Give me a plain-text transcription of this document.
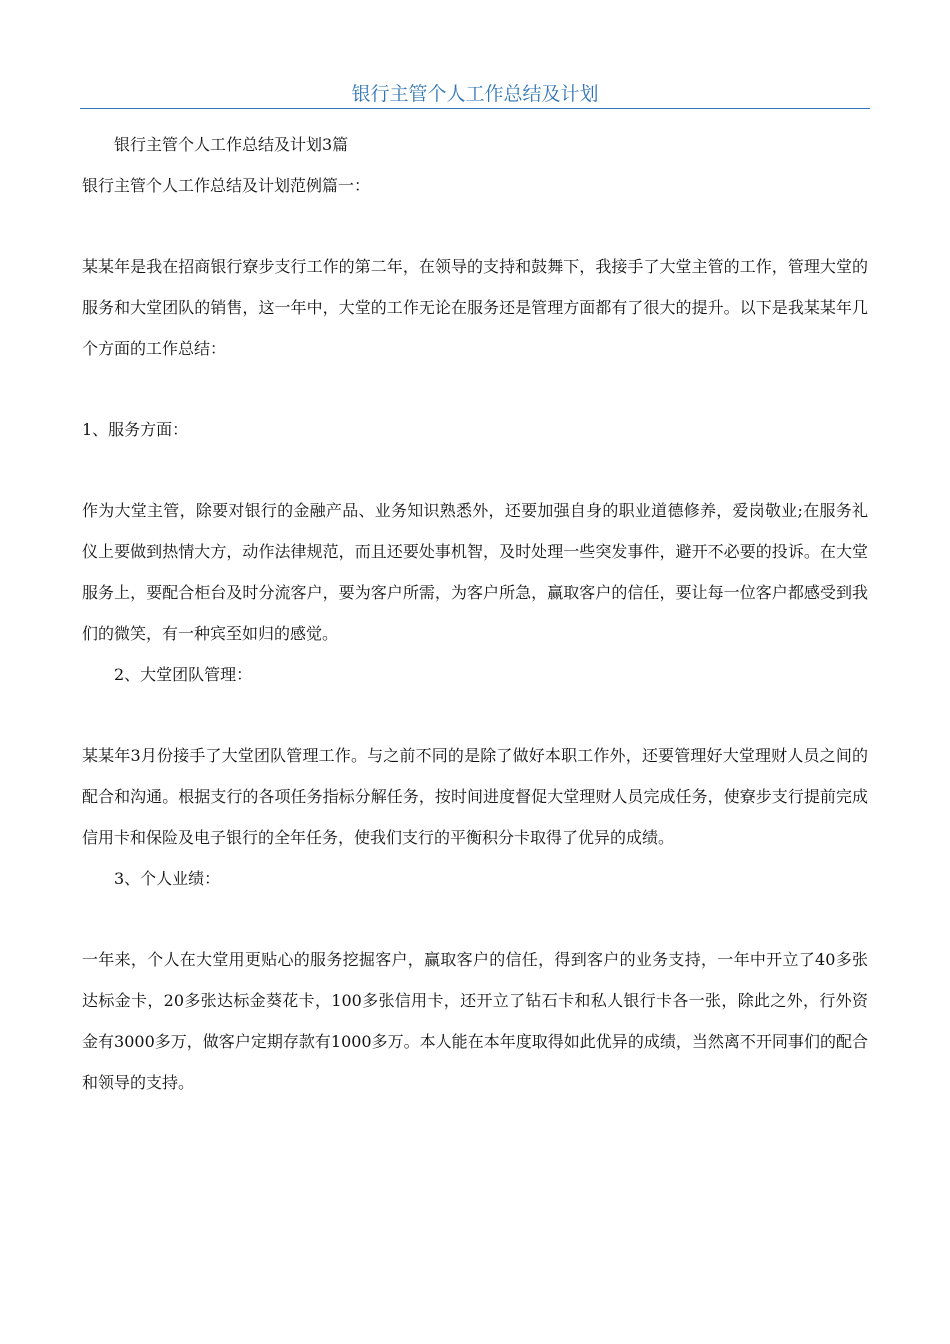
银行主管个人工作总结及计划

银行主管个人工作总结及计划3篇

银行主管个人工作总结及计划范例篇一：

某某年是我在招商银行寮步支行工作的第二年，在领导的支持和鼓舞下，我接手了大堂主管的工作，管理大堂的服务和大堂团队的销售，这一年中，大堂的工作无论在服务还是管理方面都有了很大的提升。以下是我某某年几个方面的工作总结：

1、服务方面：

作为大堂主管，除要对银行的金融产品、业务知识熟悉外，还要加强自身的职业道德修养，爱岗敬业;在服务礼仪上要做到热情大方，动作法律规范，而且还要处事机智，及时处理一些突发事件，避开不必要的投诉。在大堂服务上，要配合柜台及时分流客户，要为客户所需，为客户所急，赢取客户的信任，要让每一位客户都感受到我们的微笑，有一种宾至如归的感觉。

2、大堂团队管理：

某某年3月份接手了大堂团队管理工作。与之前不同的是除了做好本职工作外，还要管理好大堂理财人员之间的配合和沟通。根据支行的各项任务指标分解任务，按时间进度督促大堂理财人员完成任务，使寮步支行提前完成信用卡和保险及电子银行的全年任务，使我们支行的平衡积分卡取得了优异的成绩。

3、个人业绩：

一年来，个人在大堂用更贴心的服务挖掘客户，赢取客户的信任，得到客户的业务支持，一年中开立了40多张达标金卡，20多张达标金葵花卡，100多张信用卡，还开立了钻石卡和私人银行卡各一张，除此之外，行外资金有3000多万，做客户定期存款有1000多万。本人能在本年度取得如此优异的成绩，当然离不开同事们的配合和领导的支持。
